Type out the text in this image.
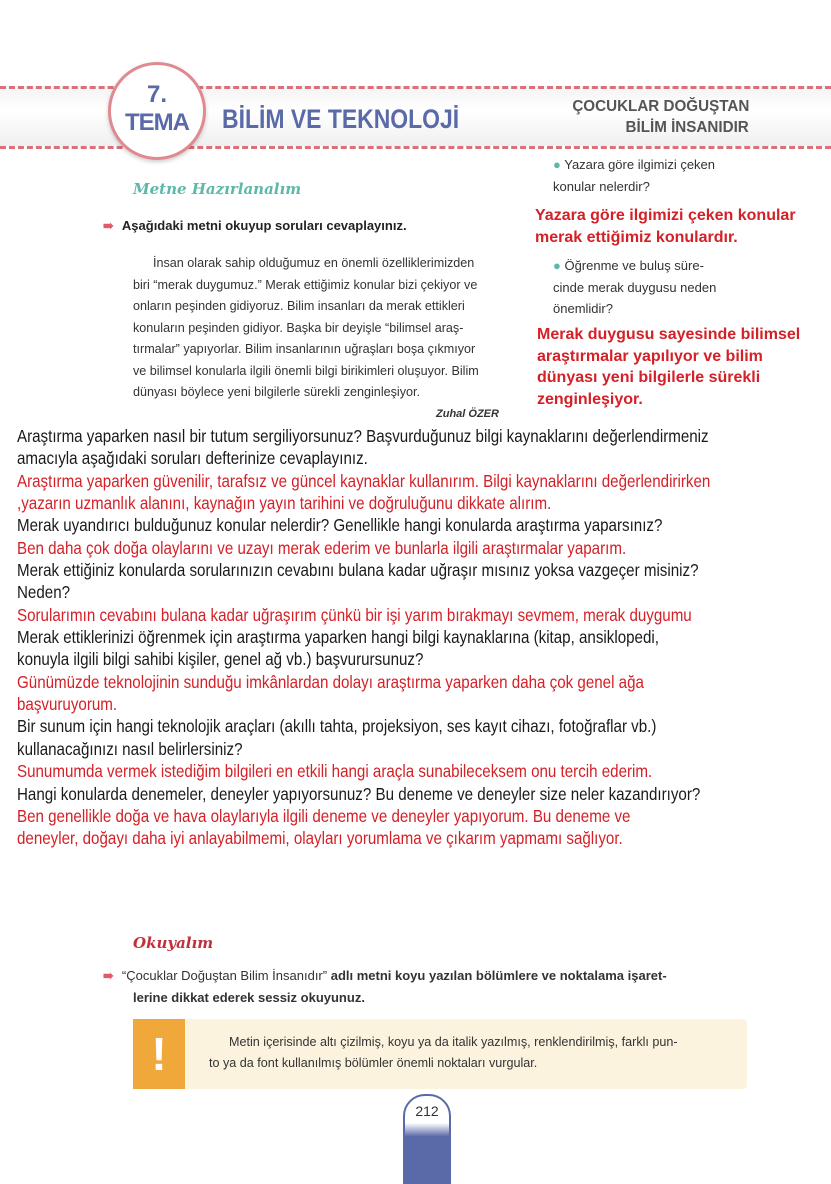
7.
TEMA	BİLİM VE TEKNOLOJİ	ÇOCUKLAR DOĞUŞTAN
BİLİM İNSANIDIR
Metne Hazırlanalım
➠ Aşağıdaki metni okuyup soruları cevaplayınız.
İnsan olarak sahip olduğumuz en önemli özelliklerimizden
biri “merak duygumuz.” Merak ettiğimiz konular bizi çekiyor ve
onların peşinden gidiyoruz. Bilim insanları da merak ettikleri
konuların peşinden gidiyor. Başka bir deyişle “bilimsel araş-
tırmalar” yapıyorlar. Bilim insanlarının uğraşları boşa çıkmıyor
ve bilimsel konularla ilgili önemli bilgi birikimleri oluşuyor. Bilim
dünyası böylece yeni bilgilerle sürekli zenginleşiyor.
Zuhal ÖZER
● Yazara göre ilgimizi çeken
konular nelerdir?
Yazara göre ilgimizi çeken konular
merak ettiğimiz konulardır.
● Öğrenme ve buluş süre-
cinde merak duygusu neden
önemlidir?
Merak duygusu sayesinde bilimsel
araştırmalar yapılıyor ve bilim
dünyası yeni bilgilerle sürekli
zenginleşiyor.
Araştırma yaparken nasıl bir tutum sergiliyorsunuz? Başvurduğunuz bilgi kaynaklarını değerlendirmeniz
amacıyla aşağıdaki soruları defterinize cevaplayınız.
Araştırma yaparken güvenilir, tarafsız ve güncel kaynaklar kullanırım. Bilgi kaynaklarını değerlendirirken
,yazarın uzmanlık alanını, kaynağın yayın tarihini ve doğruluğunu dikkate alırım.
Merak uyandırıcı bulduğunuz konular nelerdir? Genellikle hangi konularda araştırma yaparsınız?
Ben daha çok doğa olaylarını ve uzayı merak ederim ve bunlarla ilgili araştırmalar yaparım.
Merak ettiğiniz konularda sorularınızın cevabını bulana kadar uğraşır mısınız yoksa vazgeçer misiniz?
Neden?
Sorularımın cevabını bulana kadar uğraşırım çünkü bir işi yarım bırakmayı sevmem, merak duygumu
Merak ettiklerinizi öğrenmek için araştırma yaparken hangi bilgi kaynaklarına (kitap, ansiklopedi,
konuyla ilgili bilgi sahibi kişiler, genel ağ vb.) başvurursunuz?
Günümüzde teknolojinin sunduğu imkânlardan dolayı araştırma yaparken daha çok genel ağa
başvuruyorum.
Bir sunum için hangi teknolojik araçları (akıllı tahta, projeksiyon, ses kayıt cihazı, fotoğraflar vb.)
kullanacağınızı nasıl belirlersiniz?
Sunumumda vermek istediğim bilgileri en etkili hangi araçla sunabileceksem onu tercih ederim.
Hangi konularda denemeler, deneyler yapıyorsunuz? Bu deneme ve deneyler size neler kazandırıyor?
Ben genellikle doğa ve hava olaylarıyla ilgili deneme ve deneyler yapıyorum. Bu deneme ve
deneyler, doğayı daha iyi anlayabilmemi, olayları yorumlama ve çıkarım yapmamı sağlıyor.
Okuyalım
➠ “Çocuklar Doğuştan Bilim İnsanıdır” adlı metni koyu yazılan bölümlere ve noktalama işaret-
lerine dikkat ederek sessiz okuyunuz.
!	Metin içerisinde altı çizilmiş, koyu ya da italik yazılmış, renklendirilmiş, farklı pun-
to ya da font kullanılmış bölümler önemli noktaları vurgular.
212
